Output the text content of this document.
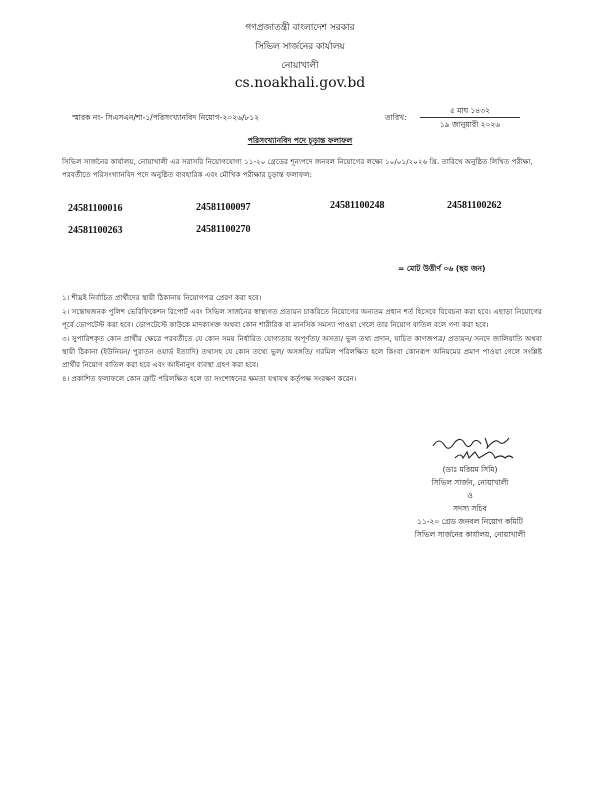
গণপ্রজাতন্ত্রী বাংলাদেশ সরকার
সিভিল সার্জনের কার্যালয়
নোয়াখালী
cs.noakhali.gov.bd
স্মারক নং- সিএসএন/শা-১/পরিসংখ্যানবিদ নিয়োগ-২০২৬/৮১২	তারিখ:
৫ মাঘ ১৪৩২
১৯ জানুয়ারী ২০২৬
পরিসংখ্যানবিদ পদে চূড়ান্ত ফলাফল
সিভিল সার্জনের কার্যালয়, নোয়াখালী এর সরাসরি নিয়োগযোগ্য ১১-২০ গ্রেডের শূন্যপদে জনবল নিয়োগের লক্ষ্যে ১০/০১/২০২৬ খ্রি. তারিখে অনুষ্ঠিত লিখিত পরীক্ষা, পরবর্তীতে পরিসংখ্যানবিদ পদে অনুষ্ঠিত ব্যবহারিক এবং মৌখিক পরীক্ষার চূড়ান্ত ফলাফল:
24581100016	24581100097	24581100248	24581100262
24581100263	24581100270
= মোট উত্তীর্ণ ০৬ (ছয় জন)

১। শীঘ্রই নির্বাচিত প্রার্থীদের স্থায়ী ঠিকানায় নিয়োগপত্র প্রেরণ করা হবে।

২। সন্তোষজনক পুলিশ ভেরিফিকেশন রিপোর্ট এবং সিভিল সার্জনের স্বাস্থ্যগত প্রত্যয়ন চাকরিতে নিয়োগের অন্যতম প্রধান শর্ত হিসেবে বিবেচনা করা হবে। এছাড়া নিয়োগের পূর্বে ডোপটেস্ট করা হবে। ডোপটেস্টে কাউকে মাদকাসক্ত অথবা কোন শারীরিক বা মানসিক সমস্যা পাওয়া গেলে তার নিয়োগ বাতিল বলে গণ্য করা হবে।

৩। সুপারিশকৃত কোন প্রার্থীর ক্ষেত্রে পরবর্তীতে যে কোন সময় নির্ধারিত যোগ্যতায় অপূর্ণতা/ অসত্য/ ভুল তথ্য প্রদান, যাচিত কাগজপত্র/ প্রত্যয়ন/ সনদে জালিয়াতি অথবা স্থায়ী ঠিকানা (ইউনিয়ন/ পুরাতন ওয়ার্ড ইত্যাদি) তথ্যসহ যে কোন তথ্যে ভুল/ অসঙ্গতি/ গরমিল পরিলক্ষিত হলে কিংবা কোনরূপ অনিয়মের প্রমাণ পাওয়া গেলে সংশ্লিষ্ট প্রার্থীর নিয়োগ বাতিল করা হবে এবং আইনানুগ ব্যবস্থা গ্রহণ করা হবে।

৪। প্রকাশিত ফলাফলে কোন ত্রুটি পরিলক্ষিত হলে তা সংশোধনের ক্ষমতা যথাযথ কর্তৃপক্ষ সংরক্ষণ করেন।

(ডাঃ মরিয়ম সিমি)
সিভিল সার্জন, নোয়াখালী
ও
সদস্য সচিব
১১-২০ গ্রেড জনবল নিয়োগ কমিটি
সিভিল সার্জনের কার্যালয়, নোয়াখালী
